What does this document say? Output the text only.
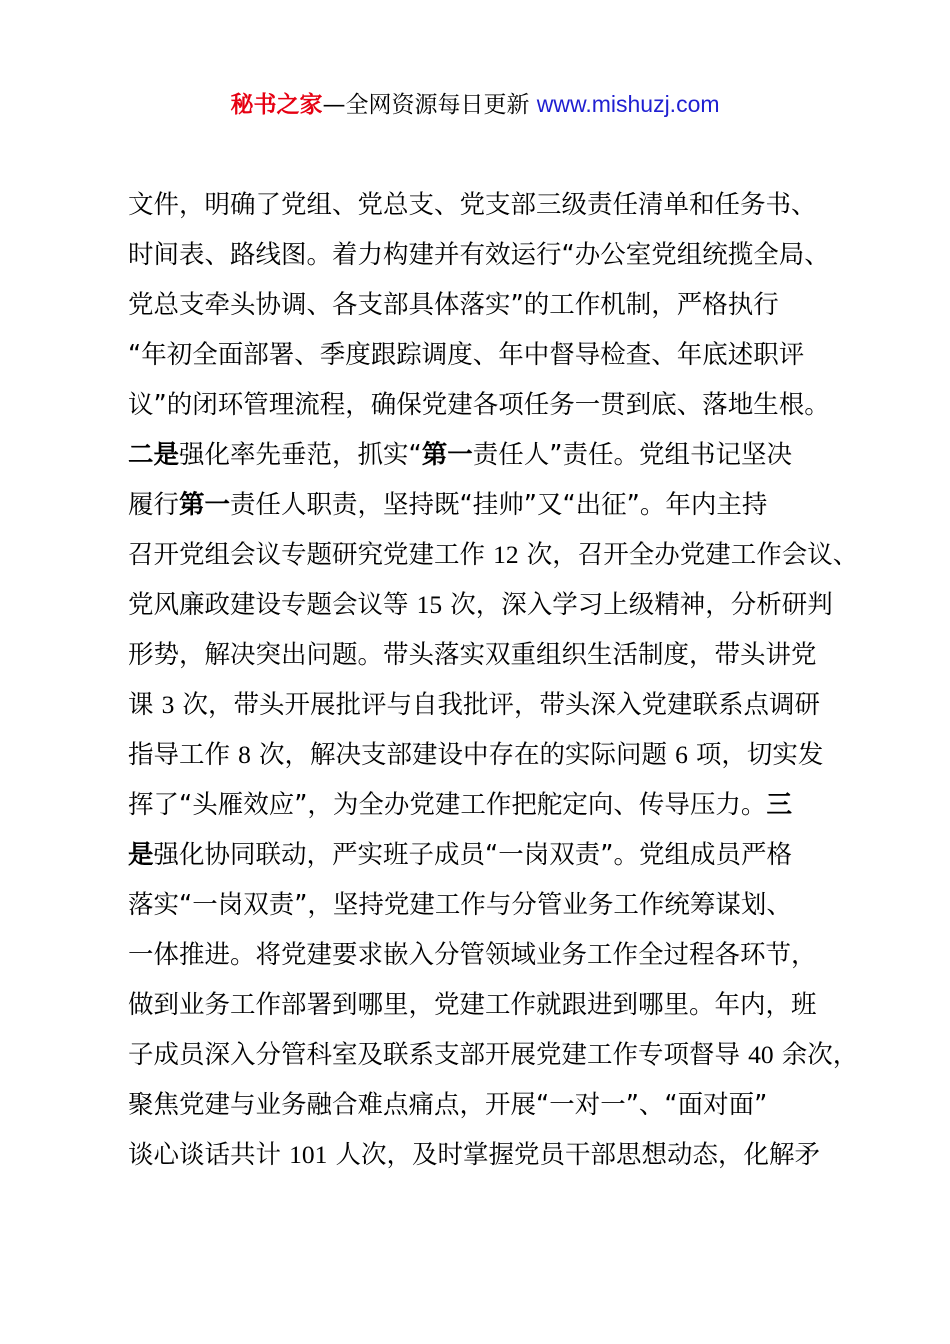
秘书之家—全网资源每日更新 www.mishuzj.com
文件，明确了党组、党总支、党支部三级责任清单和任务书、
时间表、路线图。着力构建并有效运行“办公室党组统揽全局、
党总支牵头协调、各支部具体落实”的工作机制，严格执行
“年初全面部署、季度跟踪调度、年中督导检查、年底述职评
议”的闭环管理流程，确保党建各项任务一贯到底、落地生根。
二是强化率先垂范，抓实“第一责任人”责任。党组书记坚决
履行第一责任人职责，坚持既“挂帅”又“出征”。年内主持
召开党组会议专题研究党建工作 12 次，召开全办党建工作会议、
党风廉政建设专题会议等 15 次，深入学习上级精神，分析研判
形势，解决突出问题。带头落实双重组织生活制度，带头讲党
课 3 次，带头开展批评与自我批评，带头深入党建联系点调研
指导工作 8 次，解决支部建设中存在的实际问题 6 项，切实发
挥了“头雁效应”，为全办党建工作把舵定向、传导压力。三
是强化协同联动，严实班子成员“一岗双责”。党组成员严格
落实“一岗双责”，坚持党建工作与分管业务工作统筹谋划、
一体推进。将党建要求嵌入分管领域业务工作全过程各环节，
做到业务工作部署到哪里，党建工作就跟进到哪里。年内，班
子成员深入分管科室及联系支部开展党建工作专项督导 40 余次，
聚焦党建与业务融合难点痛点，开展“一对一”、“面对面”
谈心谈话共计 101 人次，及时掌握党员干部思想动态，化解矛
